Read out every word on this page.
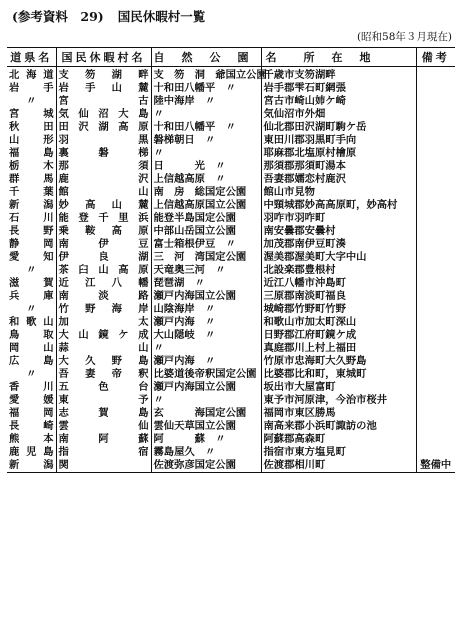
(参考資料　29) 国民休暇村一覧
(昭和58年３月現在)
道県名	国民休暇村名	自　然　公　園　名	所　在　地	備考
北海道	支笏湖畔	支　笏　洞　爺国立公園	千歳市支笏湖畔	
岩手	岩手山麓	十和田八幡平　〃	岩手郡雫石町網張	
〃	宮古	陸中海岸　〃	宮古市崎山姉ケ崎	
宮城	気仙沼大島	〃	気仙沼市外畑	
秋田	田沢湖高原	十和田八幡平　〃	仙北郡田沢湖町駒ケ岳	
山形	羽黒	磐梯朝日　〃	東田川郡羽黒町手向	
福島	裏磐梯	〃	耶麻郡北塩原村檜原	
栃木	那須	日　　　光　〃	那須郡那須町湯本	
群馬	鹿沢	上信越高原　〃	吾妻郡嬬恋村鹿沢	
千葉	館山	南　房　総国定公園	館山市見物	
新潟	妙高山麓	上信越高原国立公園	中頸城郡妙高高原町，妙高村	
石川	能登千里浜	能登半島国定公園	羽咋市羽咋町	
長野	乗鞍高原	中部山岳国立公園	南安曇郡安曇村	
静岡	南伊豆	富士箱根伊豆　〃	加茂郡南伊豆町湊	
愛知	伊良湖	三　河　湾国定公園	渥美郡渥美町大字中山	
〃	茶臼山高原	天竜奥三河　〃	北設楽郡豊根村	
滋賀	近江八幡	琵琶湖　〃	近江八幡市沖島町	
兵庫	南淡路	瀬戸内海国立公園	三原郡南淡町福良	
〃	竹野海岸	山陰海岸　〃	城崎郡竹野町竹野	
和歌山	加太	瀬戸内海　〃	和歌山市加太町深山	
鳥取	大山鏡ケ成	大山隠岐　〃	日野郡江府町鏡ケ成	
岡山	蒜山	〃	真庭郡川上村上福田	
広島	大久野島	瀬戸内海　〃	竹原市忠海町大久野島	
〃	吾妻帝釈	比婆道後帝釈国定公園	比婆郡比和町，東城町	
香川	五色台	瀬戸内海国立公園	坂出市大屋富町	
愛媛	東予	〃	東予市河原津，今治市桜井	
福岡	志賀島	玄　　　海国定公園	福岡市東区勝馬	
長崎	雲仙	雲仙天草国立公園	南高来郡小浜町諏訪の池	
熊本	南阿蘇	阿　　　蘇　〃	阿蘇郡高森町	
鹿児島	指宿	霧島屋久　〃	指宿市東方塩見町	
新潟	関	佐渡弥彦国定公園	佐渡郡相川町	整備中
